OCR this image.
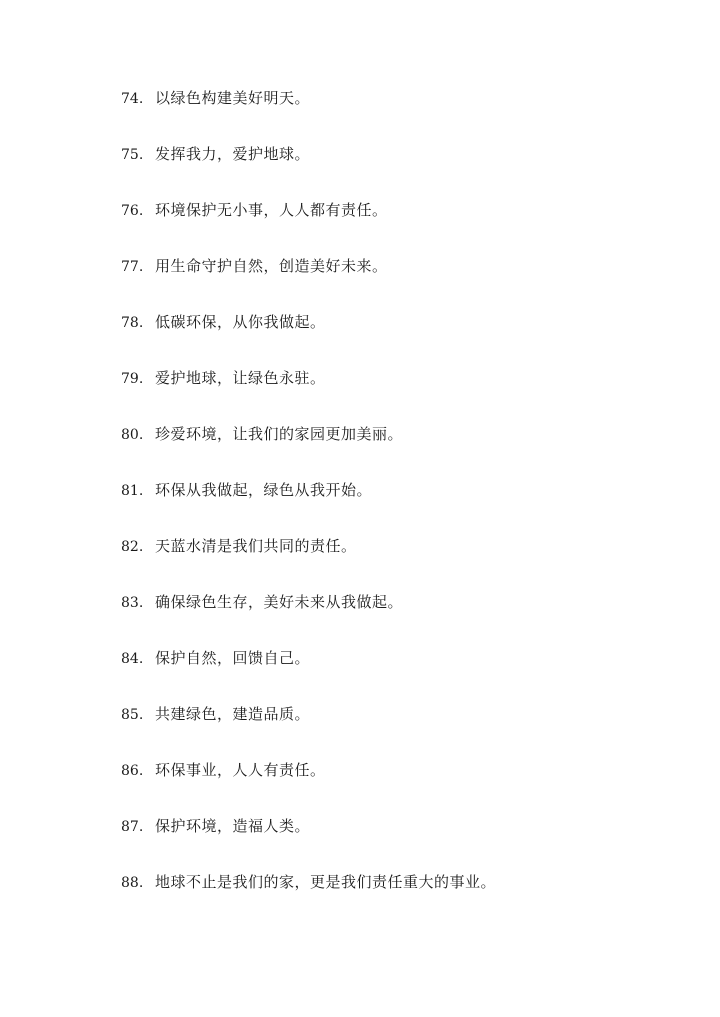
74. 以绿色构建美好明天。
75. 发挥我力，爱护地球。
76. 环境保护无小事，人人都有责任。
77. 用生命守护自然，创造美好未来。
78. 低碳环保，从你我做起。
79. 爱护地球，让绿色永驻。
80. 珍爱环境，让我们的家园更加美丽。
81. 环保从我做起，绿色从我开始。
82. 天蓝水清是我们共同的责任。
83. 确保绿色生存，美好未来从我做起。
84. 保护自然，回馈自己。
85. 共建绿色，建造品质。
86. 环保事业，人人有责任。
87. 保护环境，造福人类。
88. 地球不止是我们的家，更是我们责任重大的事业。
